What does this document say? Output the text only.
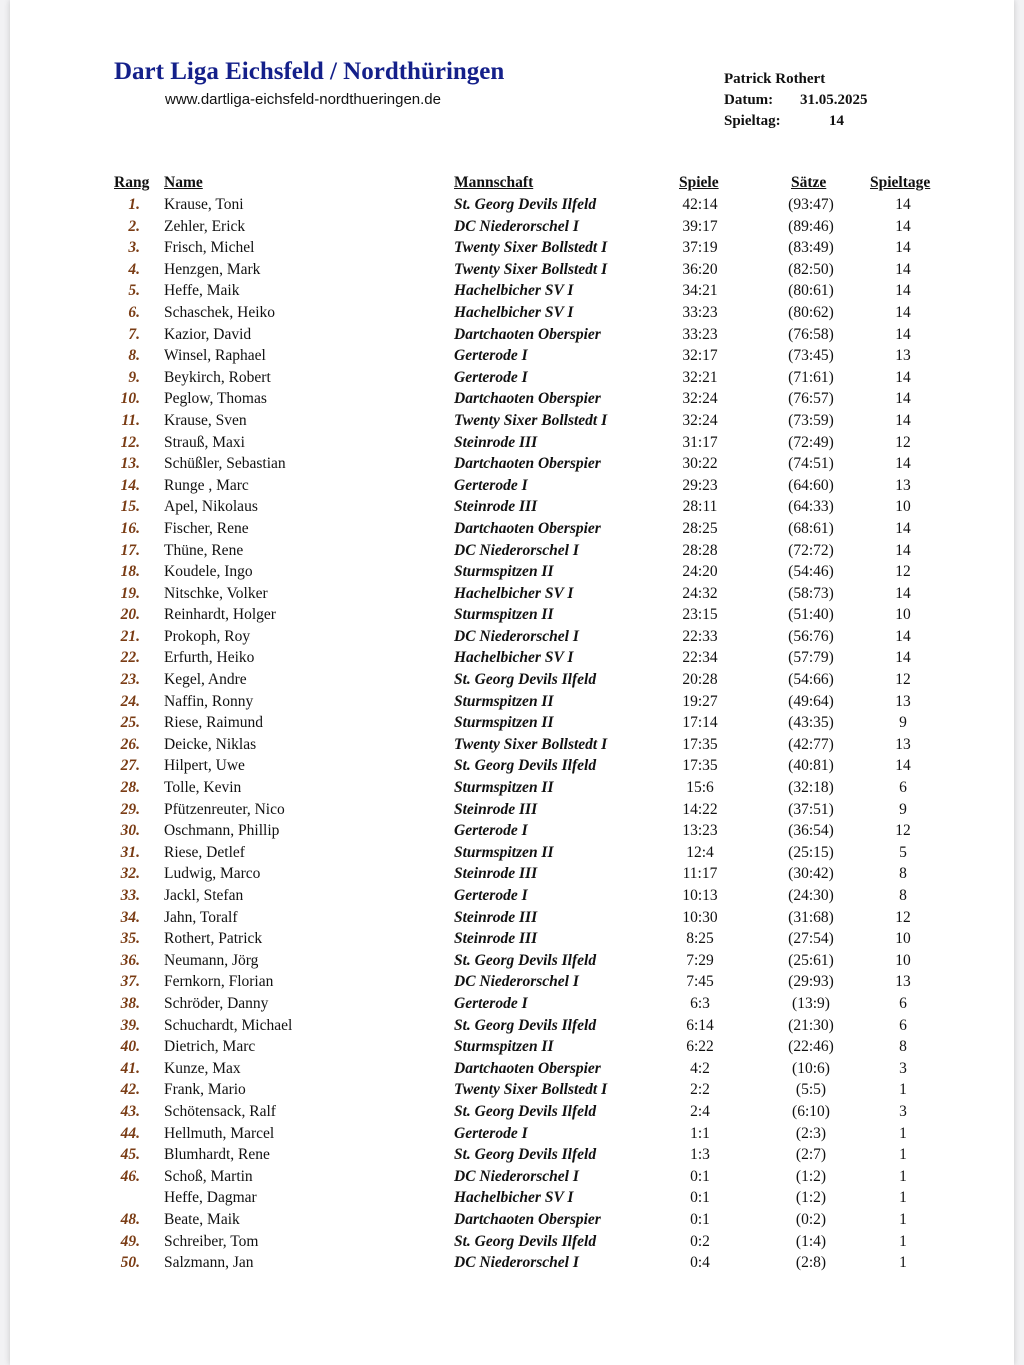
Dart Liga Eichsfeld / Nordthüringen
www.dartliga-eichsfeld-nordthueringen.de
Patrick Rothert
Datum: 31.05.2025
Spieltag:	14
Rang Name	Mannschaft	Spiele	Sätze	Spieltage
1. Krause, Toni	St. Georg Devils Ilfeld	42:14	(93:47)	14
2. Zehler, Erick	DC Niederorschel I	39:17	(89:46)	14
3. Frisch, Michel	Twenty Sixer Bollstedt I	37:19	(83:49)	14
4. Henzgen, Mark	Twenty Sixer Bollstedt I	36:20	(82:50)	14
5. Heffe, Maik	Hachelbicher SV I	34:21	(80:61)	14
6. Schaschek, Heiko	Hachelbicher SV I	33:23	(80:62)	14
7. Kazior, David	Dartchaoten Oberspier	33:23	(76:58)	14
8. Winsel, Raphael	Gerterode I	32:17	(73:45)	13
9. Beykirch, Robert	Gerterode I	32:21	(71:61)	14
10. Peglow, Thomas	Dartchaoten Oberspier	32:24	(76:57)	14
11. Krause, Sven	Twenty Sixer Bollstedt I	32:24	(73:59)	14
12. Strauß, Maxi	Steinrode III	31:17	(72:49)	12
13. Schüßler, Sebastian	Dartchaoten Oberspier	30:22	(74:51)	14
14. Runge , Marc	Gerterode I	29:23	(64:60)	13
15. Apel, Nikolaus	Steinrode III	28:11	(64:33)	10
16. Fischer, Rene	Dartchaoten Oberspier	28:25	(68:61)	14
17. Thüne, Rene	DC Niederorschel I	28:28	(72:72)	14
18. Koudele, Ingo	Sturmspitzen II	24:20	(54:46)	12
19. Nitschke, Volker	Hachelbicher SV I	24:32	(58:73)	14
20. Reinhardt, Holger	Sturmspitzen II	23:15	(51:40)	10
21. Prokoph, Roy	DC Niederorschel I	22:33	(56:76)	14
22. Erfurth, Heiko	Hachelbicher SV I	22:34	(57:79)	14
23. Kegel, Andre	St. Georg Devils Ilfeld	20:28	(54:66)	12
24. Naffin, Ronny	Sturmspitzen II	19:27	(49:64)	13
25. Riese, Raimund	Sturmspitzen II	17:14	(43:35)	9
26. Deicke, Niklas	Twenty Sixer Bollstedt I	17:35	(42:77)	13
27. Hilpert, Uwe	St. Georg Devils Ilfeld	17:35	(40:81)	14
28. Tolle, Kevin	Sturmspitzen II	15:6	(32:18)	6
29. Pfützenreuter, Nico	Steinrode III	14:22	(37:51)	9
30. Oschmann, Phillip	Gerterode I	13:23	(36:54)	12
31. Riese, Detlef	Sturmspitzen II	12:4	(25:15)	5
32. Ludwig, Marco	Steinrode III	11:17	(30:42)	8
33. Jackl, Stefan	Gerterode I	10:13	(24:30)	8
34. Jahn, Toralf	Steinrode III	10:30	(31:68)	12
35. Rothert, Patrick	Steinrode III	8:25	(27:54)	10
36. Neumann, Jörg	St. Georg Devils Ilfeld	7:29	(25:61)	10
37. Fernkorn, Florian	DC Niederorschel I	7:45	(29:93)	13
38. Schröder, Danny	Gerterode I	6:3	(13:9)	6
39. Schuchardt, Michael	St. Georg Devils Ilfeld	6:14	(21:30)	6
40. Dietrich, Marc	Sturmspitzen II	6:22	(22:46)	8
41. Kunze, Max	Dartchaoten Oberspier	4:2	(10:6)	3
42. Frank, Mario	Twenty Sixer Bollstedt I	2:2	(5:5)	1
43. Schötensack, Ralf	St. Georg Devils Ilfeld	2:4	(6:10)	3
44. Hellmuth, Marcel	Gerterode I	1:1	(2:3)	1
45. Blumhardt, Rene	St. Georg Devils Ilfeld	1:3	(2:7)	1
46. Schoß, Martin	DC Niederorschel I	0:1	(1:2)	1
Heffe, Dagmar	Hachelbicher SV I	0:1	(1:2)	1
48. Beate, Maik	Dartchaoten Oberspier	0:1	(0:2)	1
49. Schreiber, Tom	St. Georg Devils Ilfeld	0:2	(1:4)	1
50. Salzmann, Jan	DC Niederorschel I	0:4	(2:8)	1
